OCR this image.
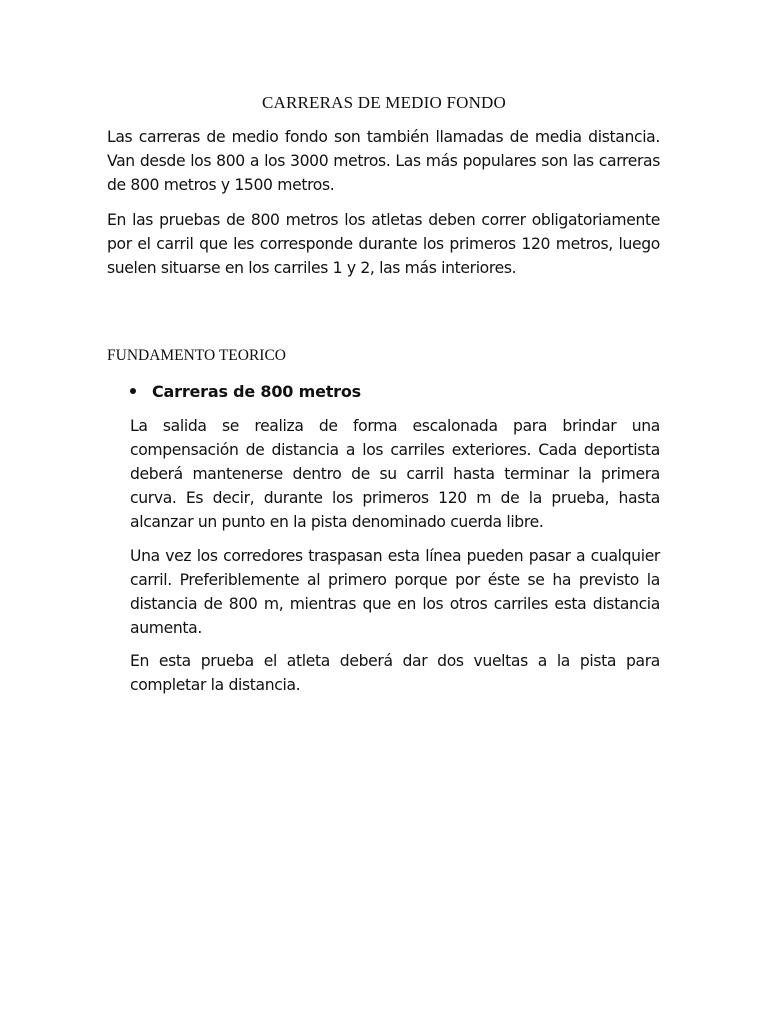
CARRERAS DE MEDIO FONDO

Las carreras de medio fondo son también llamadas de media distancia. Van desde los 800 a los 3000 metros. Las más populares son las carreras de 800 metros y 1500 metros.

En las pruebas de 800 metros los atletas deben correr obligatoriamente por el carril que les corresponde durante los primeros 120 metros, luego suelen situarse en los carriles 1 y 2, las más interiores.

FUNDAMENTO TEORICO
Carreras de 800 metros

La salida se realiza de forma escalonada para brindar una compensación de distancia a los carriles exteriores. Cada deportista deberá mantenerse dentro de su carril hasta terminar la primera curva. Es decir, durante los primeros 120 m de la prueba, hasta alcanzar un punto en la pista denominado cuerda libre.

Una vez los corredores traspasan esta línea pueden pasar a cualquier carril. Preferiblemente al primero porque por éste se ha previsto la distancia de 800 m, mientras que en los otros carriles esta distancia aumenta.

En esta prueba el atleta deberá dar dos vueltas a la pista para completar la distancia.
